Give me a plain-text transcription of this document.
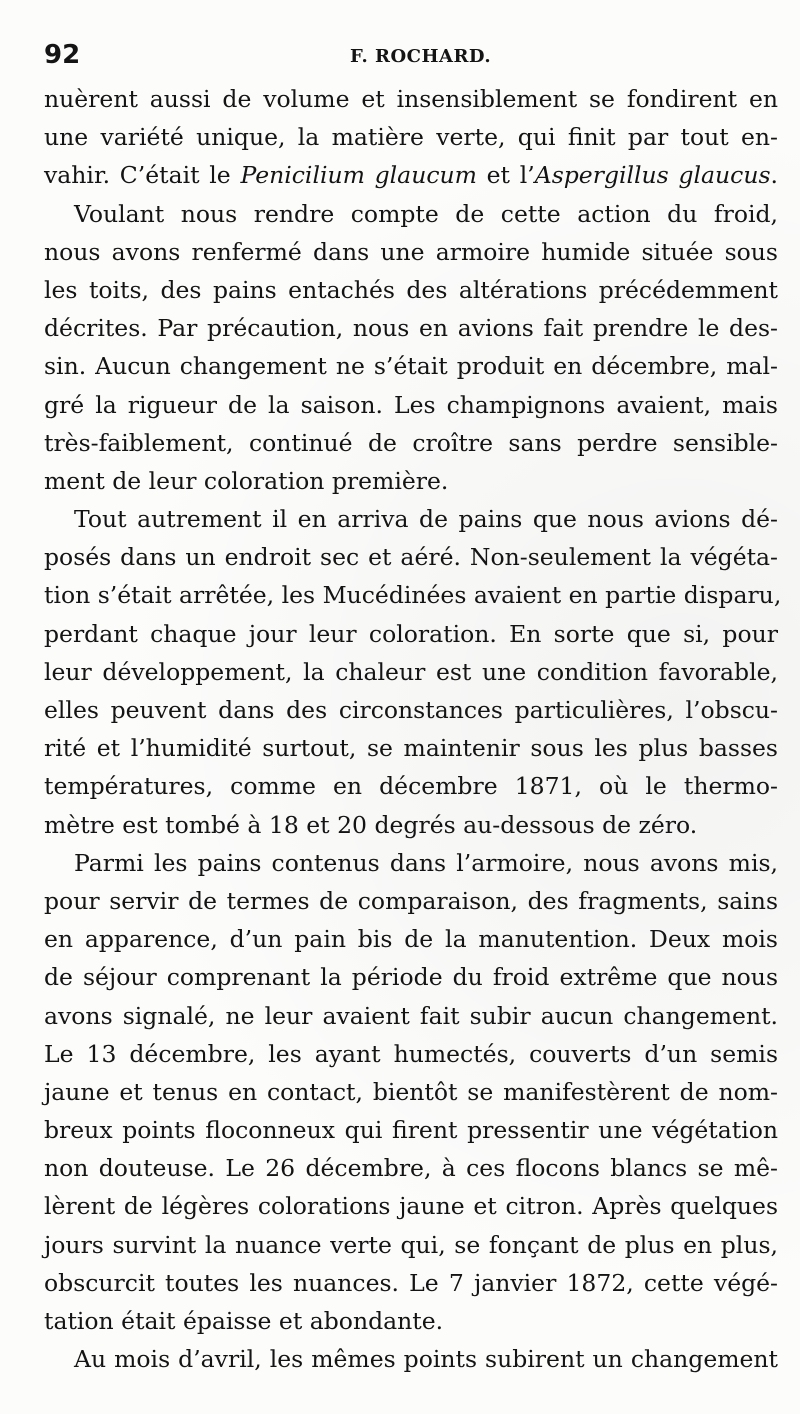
92	F. ROCHARD.
nuèrent aussi de volume et insensiblement se fondirent en
une variété unique, la matière verte, qui finit par tout en-
vahir. C’était le Penicilium glaucum et l’Aspergillus glaucus.
Voulant nous rendre compte de cette action du froid,
nous avons renfermé dans une armoire humide située sous
les toits, des pains entachés des altérations précédemment
décrites. Par précaution, nous en avions fait prendre le des-
sin. Aucun changement ne s’était produit en décembre, mal-
gré la rigueur de la saison. Les champignons avaient, mais
très-faiblement, continué de croître sans perdre sensible-
ment de leur coloration première.
Tout autrement il en arriva de pains que nous avions dé-
posés dans un endroit sec et aéré. Non-seulement la végéta-
tion s’était arrêtée, les Mucédinées avaient en partie disparu,
perdant chaque jour leur coloration. En sorte que si, pour
leur développement, la chaleur est une condition favorable,
elles peuvent dans des circonstances particulières, l’obscu-
rité et l’humidité surtout, se maintenir sous les plus basses
températures, comme en décembre 1871, où le thermo-
mètre est tombé à 18 et 20 degrés au-dessous de zéro.
Parmi les pains contenus dans l’armoire, nous avons mis,
pour servir de termes de comparaison, des fragments, sains
en apparence, d’un pain bis de la manutention. Deux mois
de séjour comprenant la période du froid extrême que nous
avons signalé, ne leur avaient fait subir aucun changement.
Le 13 décembre, les ayant humectés, couverts d’un semis
jaune et tenus en contact, bientôt se manifestèrent de nom-
breux points floconneux qui firent pressentir une végétation
non douteuse. Le 26 décembre, à ces flocons blancs se mê-
lèrent de légères colorations jaune et citron. Après quelques
jours survint la nuance verte qui, se fonçant de plus en plus,
obscurcit toutes les nuances. Le 7 janvier 1872, cette végé-
tation était épaisse et abondante.
Au mois d’avril, les mêmes points subirent un changement
